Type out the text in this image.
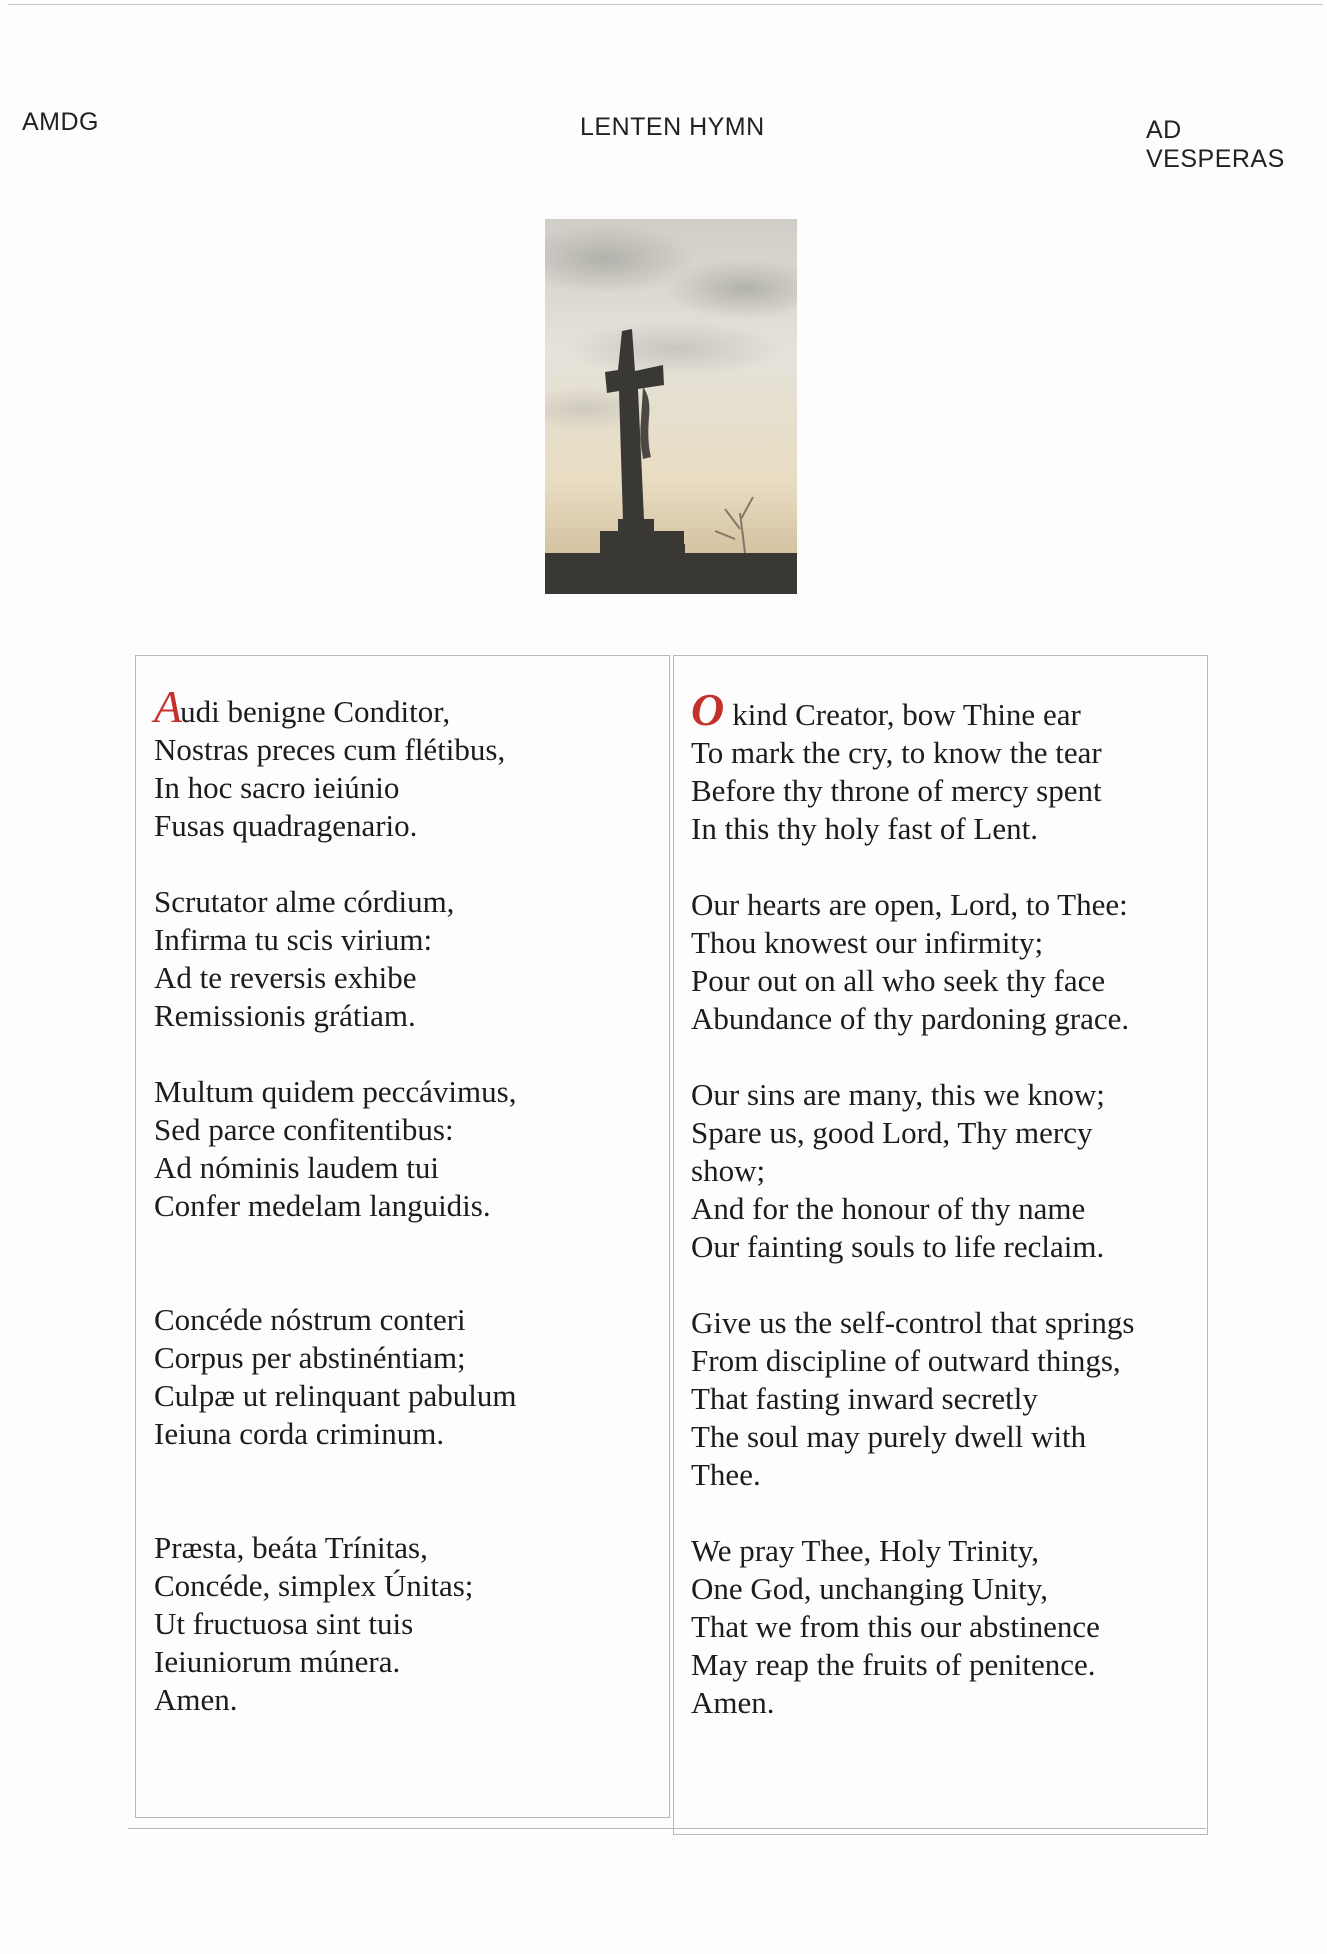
AMDG	LENTEN HYMN	AD VESPERAS
Audi benigne Conditor,
Nostras preces cum flétibus,
In hoc sacro ieiúnio
Fusas quadragenario.
Scrutator alme córdium,
Infirma tu scis virium:
Ad te reversis exhibe
Remissionis grátiam.
Multum quidem peccávimus,
Sed parce confitentibus:
Ad nóminis laudem tui
Confer medelam languidis.
Concéde nóstrum conteri
Corpus per abstinéntiam;
Culpæ ut relinquant pabulum
Ieiuna corda criminum.
Præsta, beáta Trínitas,
Concéde, simplex Únitas;
Ut fructuosa sint tuis
Ieiuniorum múnera.
Amen.
O kind Creator, bow Thine ear
To mark the cry, to know the tear
Before thy throne of mercy spent
In this thy holy fast of Lent.
Our hearts are open, Lord, to Thee:
Thou knowest our infirmity;
Pour out on all who seek thy face
Abundance of thy pardoning grace.
Our sins are many, this we know;
Spare us, good Lord, Thy mercy
show;
And for the honour of thy name
Our fainting souls to life reclaim.
Give us the self-control that springs
From discipline of outward things,
That fasting inward secretly
The soul may purely dwell with
Thee.
We pray Thee, Holy Trinity,
One God, unchanging Unity,
That we from this our abstinence
May reap the fruits of penitence.
Amen.
